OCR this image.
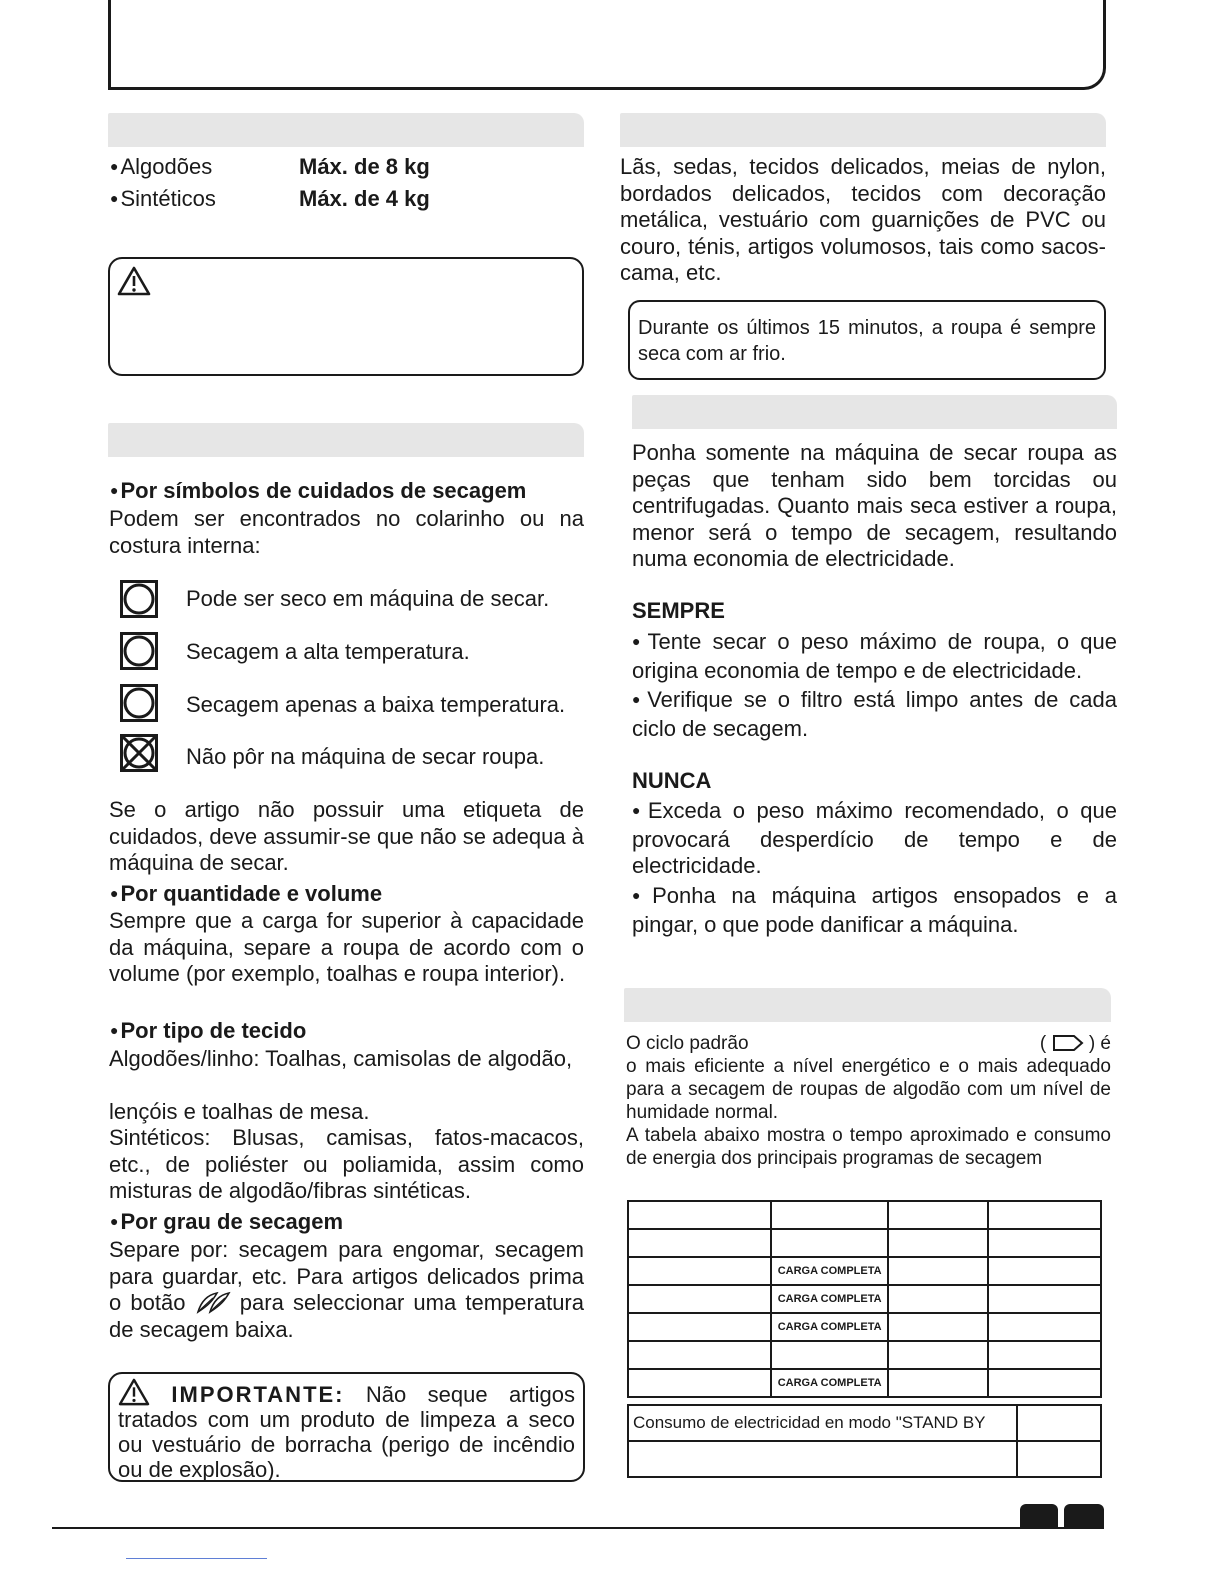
● Algodões	Máx. de 8 kg
● Sintéticos	Máx. de 4 kg
● Por símbolos de cuidados de secagem
Podem ser encontrados no colarinho ou na costura interna:
Pode ser seco em máquina de secar.
Secagem a alta temperatura.
Secagem apenas a baixa temperatura.
Não pôr na máquina de secar roupa.
Se o artigo não possuir uma etiqueta de cuidados, deve assumir-se que não se adequa à máquina de secar.
● Por quantidade e volume
Sempre que a carga for superior à capacidade da máquina, separe a roupa de acordo com o volume (por exemplo, toalhas e roupa interior).
● Por tipo de tecido
Algodões/linho: Toalhas, camisolas de algodão,
lençóis e toalhas de mesa.
Sintéticos: Blusas, camisas, fatos-macacos, etc., de poliéster ou poliamida, assim como misturas de algodão/fibras sintéticas.
● Por grau de secagem
Separe por: secagem para engomar, secagem para guardar, etc. Para artigos delicados prima o botão para seleccionar uma temperatura de secagem baixa.
IMPORTANTE: Não seque artigos tratados com um produto de limpeza a seco ou vestuário de borracha (perigo de incêndio ou de explosão).
Lãs, sedas, tecidos delicados, meias de nylon, bordados delicados, tecidos com decoração metálica, vestuário com guarnições de PVC ou couro, ténis, artigos volumosos, tais como sacos-cama, etc.
Durante os últimos 15 minutos, a roupa é sempre seca com ar frio.
Ponha somente na máquina de secar roupa as peças que tenham sido bem torcidas ou centrifugadas. Quanto mais seca estiver a roupa, menor será o tempo de secagem, resultando numa economia de electricidade.
SEMPRE
● Tente secar o peso máximo de roupa, o que origina economia de tempo e de electricidade.
● Verifique se o filtro está limpo antes de cada ciclo de secagem.
NUNCA
● Exceda o peso máximo recomendado, o que provocará desperdício de tempo e de electricidade.
● Ponha na máquina artigos ensopados e a pingar, o que pode danificar a máquina.
O ciclo padrão	( ) é
o mais eficiente a nível energético e o mais adequado para a secagem de roupas de algodão com um nível de humidade normal.
A tabela abaixo mostra o tempo aproximado e consumo de energia dos principais programas de secagem

	CARGA COMPLETA		
	CARGA COMPLETA		
	CARGA COMPLETA		

	CARGA COMPLETA		
Consumo de electricidad en modo "STAND BY	
